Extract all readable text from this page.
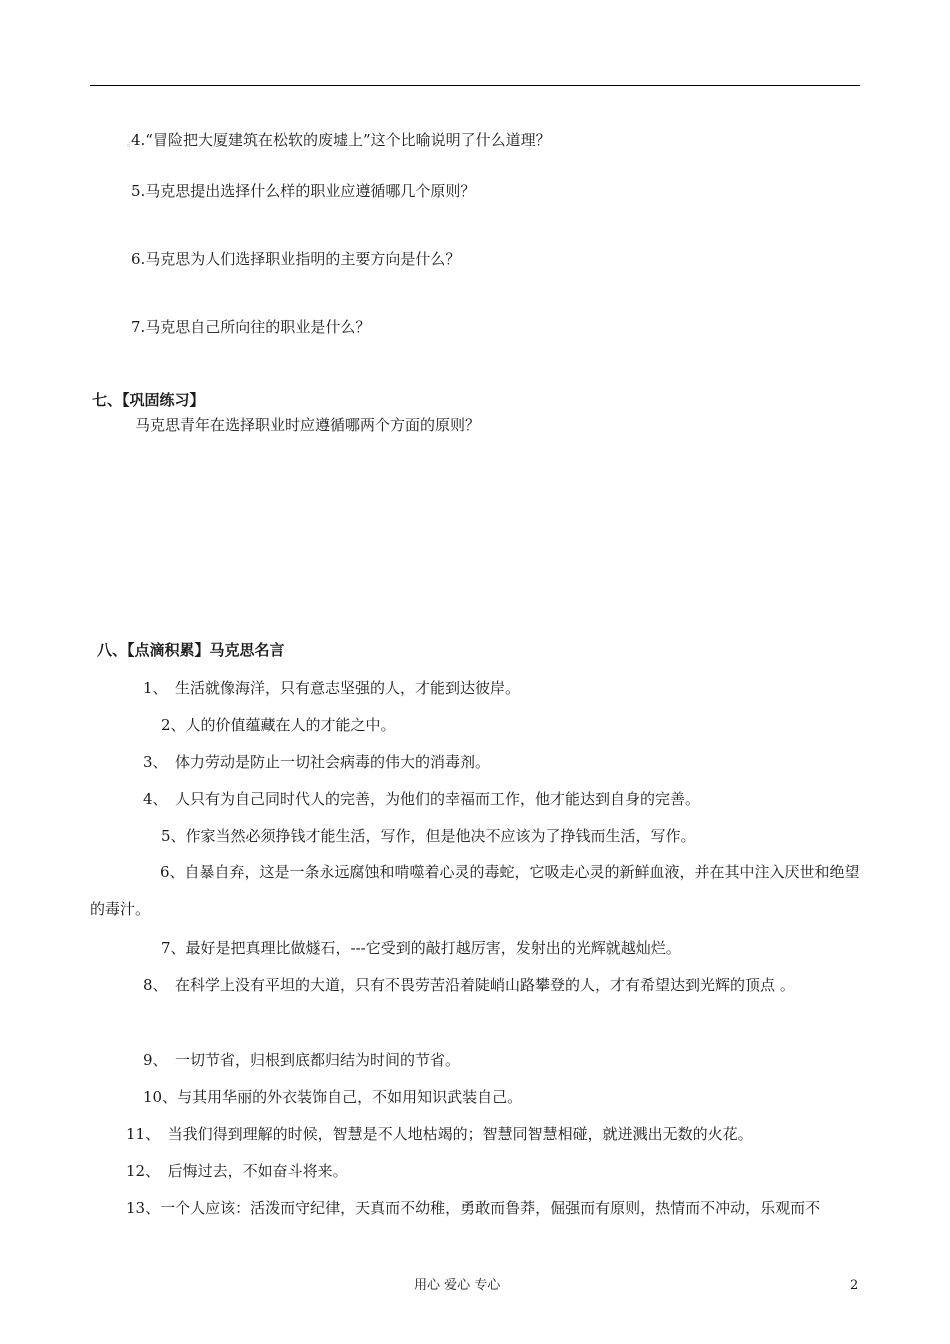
◦ 4.“冒险把大厦建筑在松软的废墟上”这个比喻说明了什么道理？
5.马克思提出选择什么样的职业应遵循哪几个原则？
6.马克思为人们选择职业指明的主要方向是什么？
7.马克思自己所向往的职业是什么？
七、【巩固练习】
马克思青年在选择职业时应遵循哪两个方面的原则？
八、【点滴积累】马克思名言
1、　生活就像海洋，只有意志坚强的人，才能到达彼岸。
2、人的价值蕴藏在人的才能之中。
3、　体力劳动是防止一切社会病毒的伟大的消毒剂。
4、　人只有为自己同时代人的完善，为他们的幸福而工作，他才能达到自身的完善。
5、作家当然必须挣钱才能生活，写作，但是他决不应该为了挣钱而生活，写作。
6、自暴自弃，这是一条永远腐蚀和啃噬着心灵的毒蛇，它吸走心灵的新鲜血液，并在其中注入厌世和绝望的毒汁。
7、最好是把真理比做燧石，---它受到的敲打越厉害，发射出的光辉就越灿烂。
8、　在科学上没有平坦的大道，只有不畏劳苦沿着陡峭山路攀登的人，才有希望达到光辉的顶点 。
9、　一切节省，归根到底都归结为时间的节省。
10、与其用华丽的外衣装饰自己，不如用知识武装自己。
11、　当我们得到理解的时候，智慧是不人地枯竭的；智慧同智慧相碰，就迸溅出无数的火花。
12、　后悔过去，不如奋斗将来。
13、一个人应该：活泼而守纪律，天真而不幼稚，勇敢而鲁莽，倔强而有原则，热情而不冲动，乐观而不
用心 爱心 专心	2
